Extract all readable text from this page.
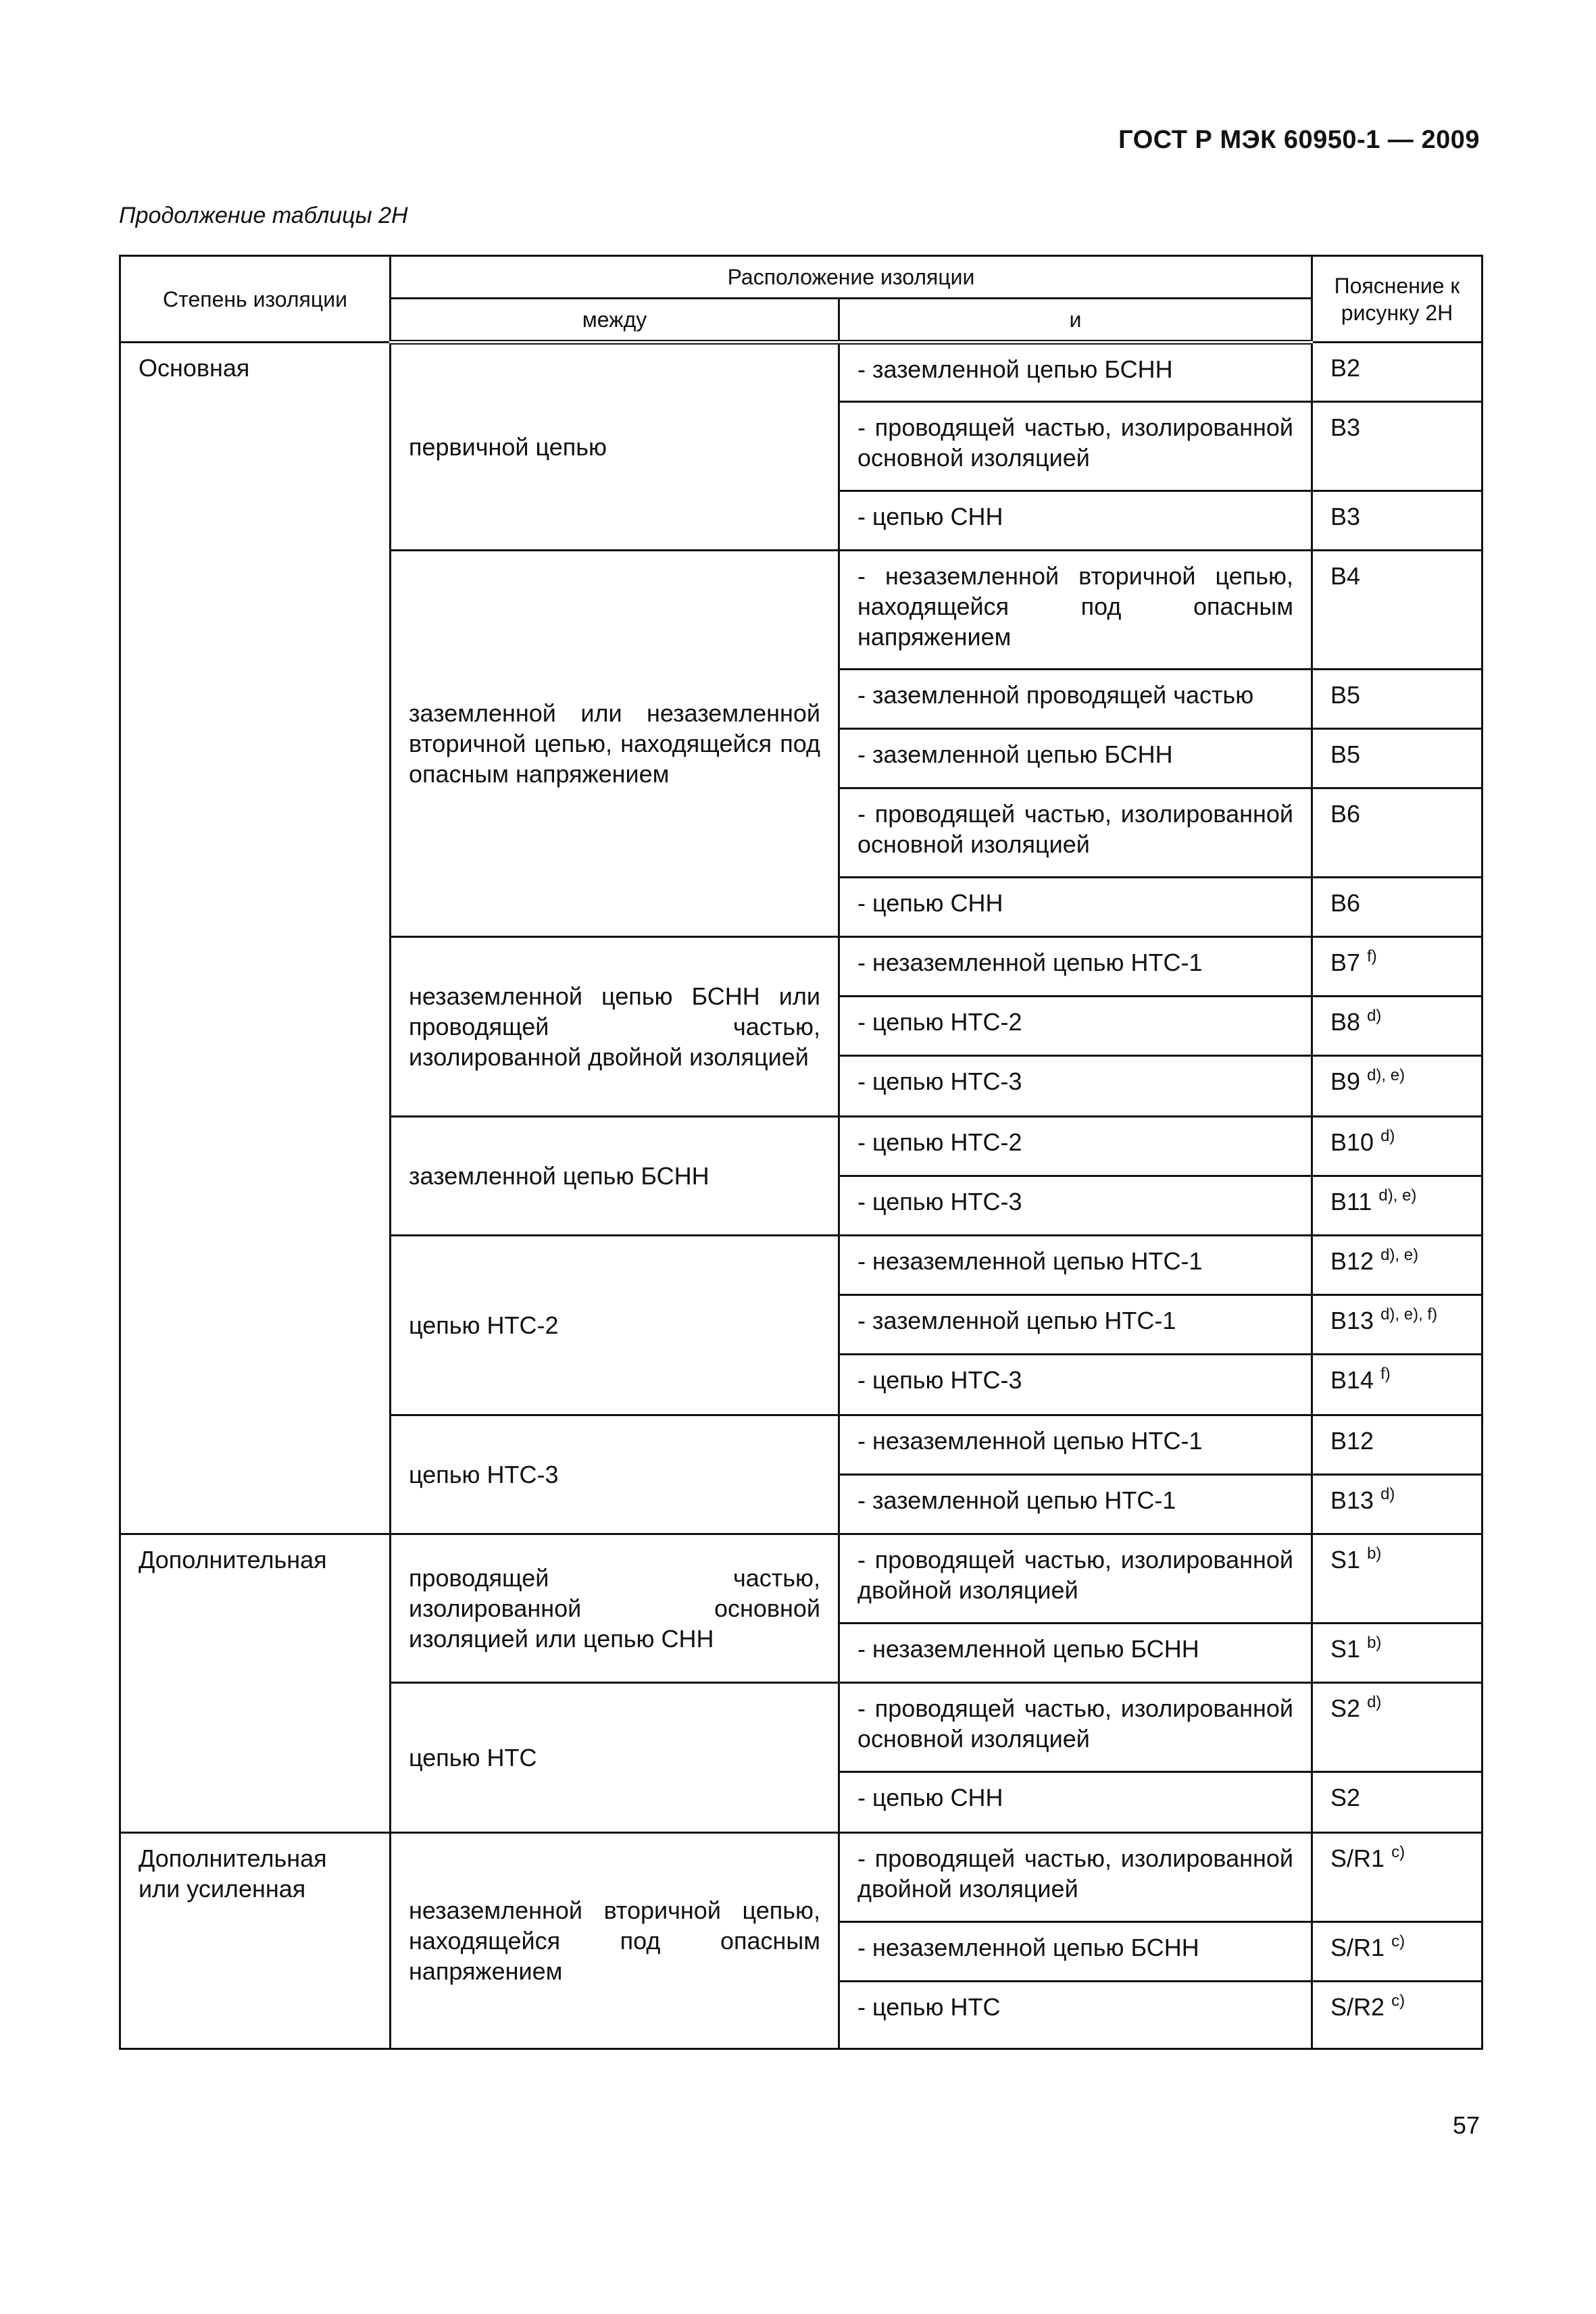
ГОСТ Р МЭК 60950-1 — 2009
Продолжение таблицы 2Н
Степень изоляции	Расположение изоляции		Пояснение к рисунку 2Н
	между	и	
Основная	первичной цепью	- заземленной цепью БСНН	B2
		- проводящей частью, изолированной основной изоляцией	B3
		- цепью СНН	B3
	заземленной или незаземленной вторичной цепью, находящейся под опасным напряжением	- незаземленной вторичной цепью, находящейся под опасным напряжением	B4
		- заземленной проводящей частью	B5
		- заземленной цепью БСНН	B5
		- проводящей частью, изолированной основной изоляцией	B6
		- цепью СНН	B6
	незаземленной цепью БСНН или проводящей частью, изолированной двойной изоляцией	- незаземленной цепью НТС-1	B7 $^{f)}$
		- цепью НТС-2	B8 $^{d)}$
		- цепью НТС-3	B9 $^{d), e)}$
	заземленной цепью БСНН	- цепью НТС-2	B10 $^{d)}$
		- цепью НТС-3	B11 $^{d), e)}$
	цепью НТС-2	- незаземленной цепью НТС-1	B12 $^{d), e)}$
		- заземленной цепью НТС-1	B13 $^{d), e), f)}$
		- цепью НТС-3	B14 $^{f)}$
	цепью НТС-3	- незаземленной цепью НТС-1	B12
		- заземленной цепью НТС-1	B13 $^{d)}$
Дополнительная	проводящей частью, изолированной основной изоляцией или цепью СНН	- проводящей частью, изолированной двойной изоляцией	S1 $^{b)}$
		- незаземленной цепью БСНН	S1 $^{b)}$
	цепью НТС	- проводящей частью, изолированной основной изоляцией	S2 $^{d)}$
		- цепью СНН	S2
Дополнительная или усиленная	незаземленной вторичной цепью, находящейся под опасным напряжением	- проводящей частью, изолированной двойной изоляцией	S/R1 $^{c)}$
		- незаземленной цепью БСНН	S/R1 $^{c)}$
		- цепью НТС	S/R2 $^{c)}$
57
